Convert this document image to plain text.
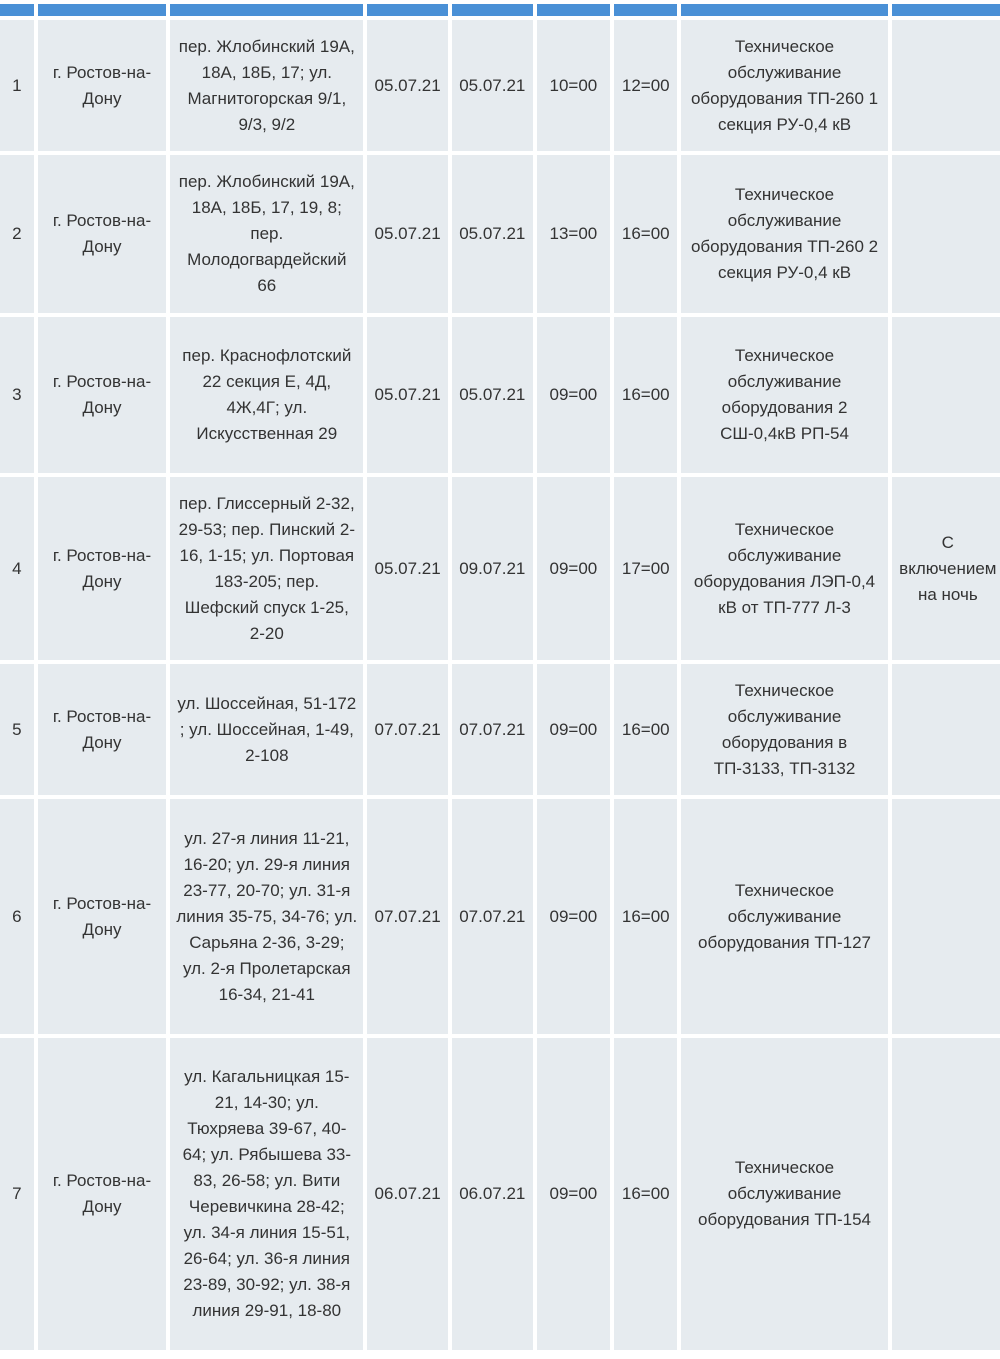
1	г. Ростов-на-Дону	пер. Жлобинский 19А, 18А, 18Б, 17; ул. Магнитогорская 9/1, 9/3, 9/2	05.07.21	05.07.21	10=00	12=00	Техническое обслуживание оборудования ТП-260 1 секция РУ-0,4 кВ	
2	г. Ростов-на-Дону	пер. Жлобинский 19А, 18А, 18Б, 17, 19, 8; пер. Молодогвардейский 66	05.07.21	05.07.21	13=00	16=00	Техническое обслуживание оборудования ТП-260 2 секция РУ-0,4 кВ	
3	г. Ростов-на-Дону	пер. Краснофлотский 22 секция Е, 4Д, 4Ж,4Г; ул. Искусственная 29	05.07.21	05.07.21	09=00	16=00	Техническое обслуживание оборудования 2 СШ-0,4кВ РП-54	
4	г. Ростов-на-Дону	пер. Глиссерный 2-32, 29-53; пер. Пинский 2-16, 1-15; ул. Портовая 183-205; пер. Шефский спуск 1-25, 2-20	05.07.21	09.07.21	09=00	17=00	Техническое обслуживание оборудования ЛЭП-0,4 кВ от ТП-777 Л-3	С включением на ночь
5	г. Ростов-на-Дону	ул. Шоссейная, 51-172 ; ул. Шоссейная, 1-49, 2-108	07.07.21	07.07.21	09=00	16=00	Техническое обслуживание оборудования в ТП-3133, ТП-3132	
6	г. Ростов-на-Дону	ул. 27-я линия 11-21, 16-20; ул. 29-я линия 23-77, 20-70; ул. 31-я линия 35-75, 34-76; ул. Сарьяна 2-36, 3-29; ул. 2-я Пролетарская 16-34, 21-41	07.07.21	07.07.21	09=00	16=00	Техническое обслуживание оборудования ТП-127	
7	г. Ростов-на-Дону	ул. Кагальницкая 15-21, 14-30; ул. Тюхряева 39-67, 40-64; ул. Рябышева 33-83, 26-58; ул. Вити Черевичкина 28-42; ул. 34-я линия 15-51, 26-64; ул. 36-я линия 23-89, 30-92; ул. 38-я линия 29-91, 18-80	06.07.21	06.07.21	09=00	16=00	Техническое обслуживание оборудования ТП-154	
